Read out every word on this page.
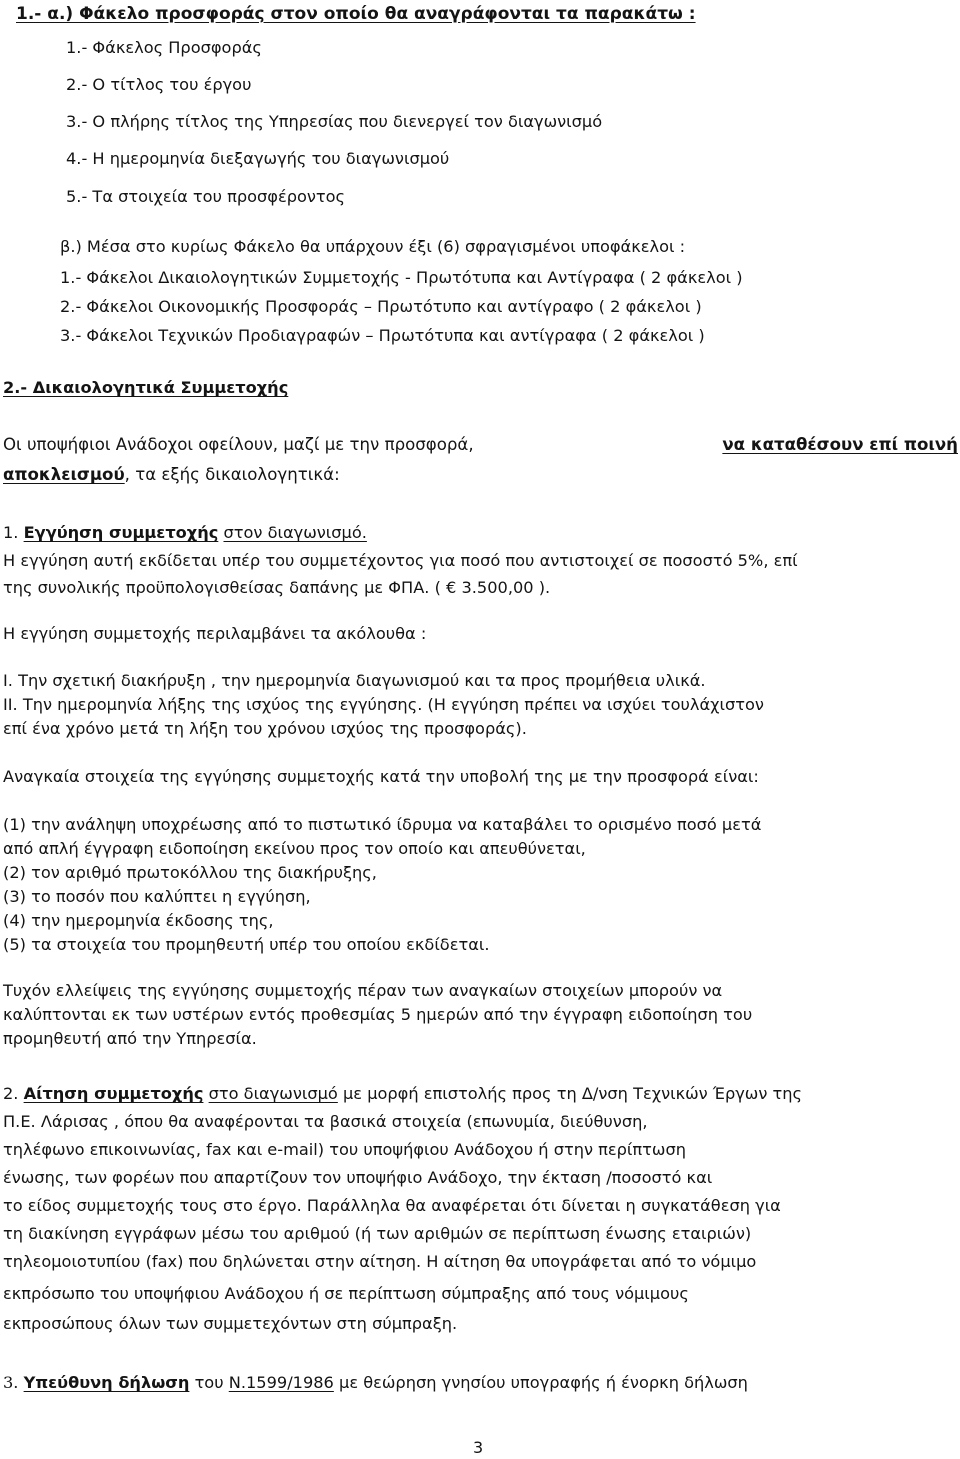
1.- α.) Φάκελο προσφοράς στον οποίο θα αναγράφονται τα παρακάτω :
1.- Φάκελος Προσφοράς
2.- Ο τίτλος του έργου
3.- Ο πλήρης τίτλος της Υπηρεσίας που διενεργεί τον διαγωνισμό
4.- Η ημερομηνία διεξαγωγής του διαγωνισμού
5.- Τα στοιχεία του προσφέροντος
β.) Μέσα στο κυρίως Φάκελο θα υπάρχουν έξι (6) σφραγισμένοι υποφάκελοι :
1.- Φάκελοι Δικαιολογητικών Συμμετοχής - Πρωτότυπα και Αντίγραφα ( 2 φάκελοι )
2.- Φάκελοι Οικονομικής Προσφοράς – Πρωτότυπο και αντίγραφο ( 2 φάκελοι )
3.- Φάκελοι Τεχνικών Προδιαγραφών – Πρωτότυπα και αντίγραφα ( 2 φάκελοι )
2.- Δικαιολογητικά Συμμετοχής
Οι υποψήφιοι Ανάδοχοι οφείλουν, μαζί με την προσφορά,	να καταθέσουν επί ποινή
αποκλεισμού, τα εξής δικαιολογητικά:
1. Εγγύηση συμμετοχής στον διαγωνισμό.
Η εγγύηση αυτή εκδίδεται υπέρ του συμμετέχοντος για ποσό που αντιστοιχεί σε ποσοστό 5%, επί
της συνολικής προϋπολογισθείσας δαπάνης με ΦΠΑ. ( € 3.500,00 ).
Η εγγύηση συμμετοχής περιλαμβάνει τα ακόλουθα :
Ι. Την σχετική διακήρυξη , την ημερομηνία διαγωνισμού και τα προς προμήθεια υλικά.
ΙΙ. Την ημερομηνία λήξης της ισχύος της εγγύησης. (Η εγγύηση πρέπει να ισχύει τουλάχιστον
επί ένα χρόνο μετά τη λήξη του χρόνου ισχύος της προσφοράς).
Αναγκαία στοιχεία της εγγύησης συμμετοχής κατά την υποβολή της με την προσφορά είναι:
(1) την ανάληψη υποχρέωσης από το πιστωτικό ίδρυμα να καταβάλει το ορισμένο ποσό μετά
από απλή έγγραφη ειδοποίηση εκείνου προς τον οποίο και απευθύνεται,
(2) τον αριθμό πρωτοκόλλου της διακήρυξης,
(3) το ποσόν που καλύπτει η εγγύηση,
(4) την ημερομηνία έκδοσης της,
(5) τα στοιχεία του προμηθευτή υπέρ του οποίου εκδίδεται.
Τυχόν ελλείψεις της εγγύησης συμμετοχής πέραν των αναγκαίων στοιχείων μπορούν να
καλύπτονται εκ των υστέρων εντός προθεσμίας 5 ημερών από την έγγραφη ειδοποίηση του
προμηθευτή από την Υπηρεσία.
2. Αίτηση συμμετοχής στο διαγωνισμό με μορφή επιστολής προς τη Δ/νση Τεχνικών Έργων της
Π.Ε. Λάρισας , όπου θα αναφέρονται τα βασικά στοιχεία (επωνυμία, διεύθυνση,
τηλέφωνο επικοινωνίας, fax και e-mail) του υποψήφιου Ανάδοχου ή στην περίπτωση
ένωσης, των φορέων που απαρτίζουν τον υποψήφιο Ανάδοχο, την έκταση /ποσοστό και
το είδος συμμετοχής τους στο έργο. Παράλληλα θα αναφέρεται ότι δίνεται η συγκατάθεση για
τη διακίνηση εγγράφων μέσω του αριθμού (ή των αριθμών σε περίπτωση ένωσης εταιριών)
τηλεομοιοτυπίου (fax) που δηλώνεται στην αίτηση. Η αίτηση θα υπογράφεται από το νόμιμο
εκπρόσωπο του υποψήφιου Ανάδοχου ή σε περίπτωση σύμπραξης από τους νόμιμους
εκπροσώπους όλων των συμμετεχόντων στη σύμπραξη.
3. Υπεύθυνη δήλωση του Ν.1599/1986 με θεώρηση γνησίου υπογραφής ή ένορκη δήλωση
3
